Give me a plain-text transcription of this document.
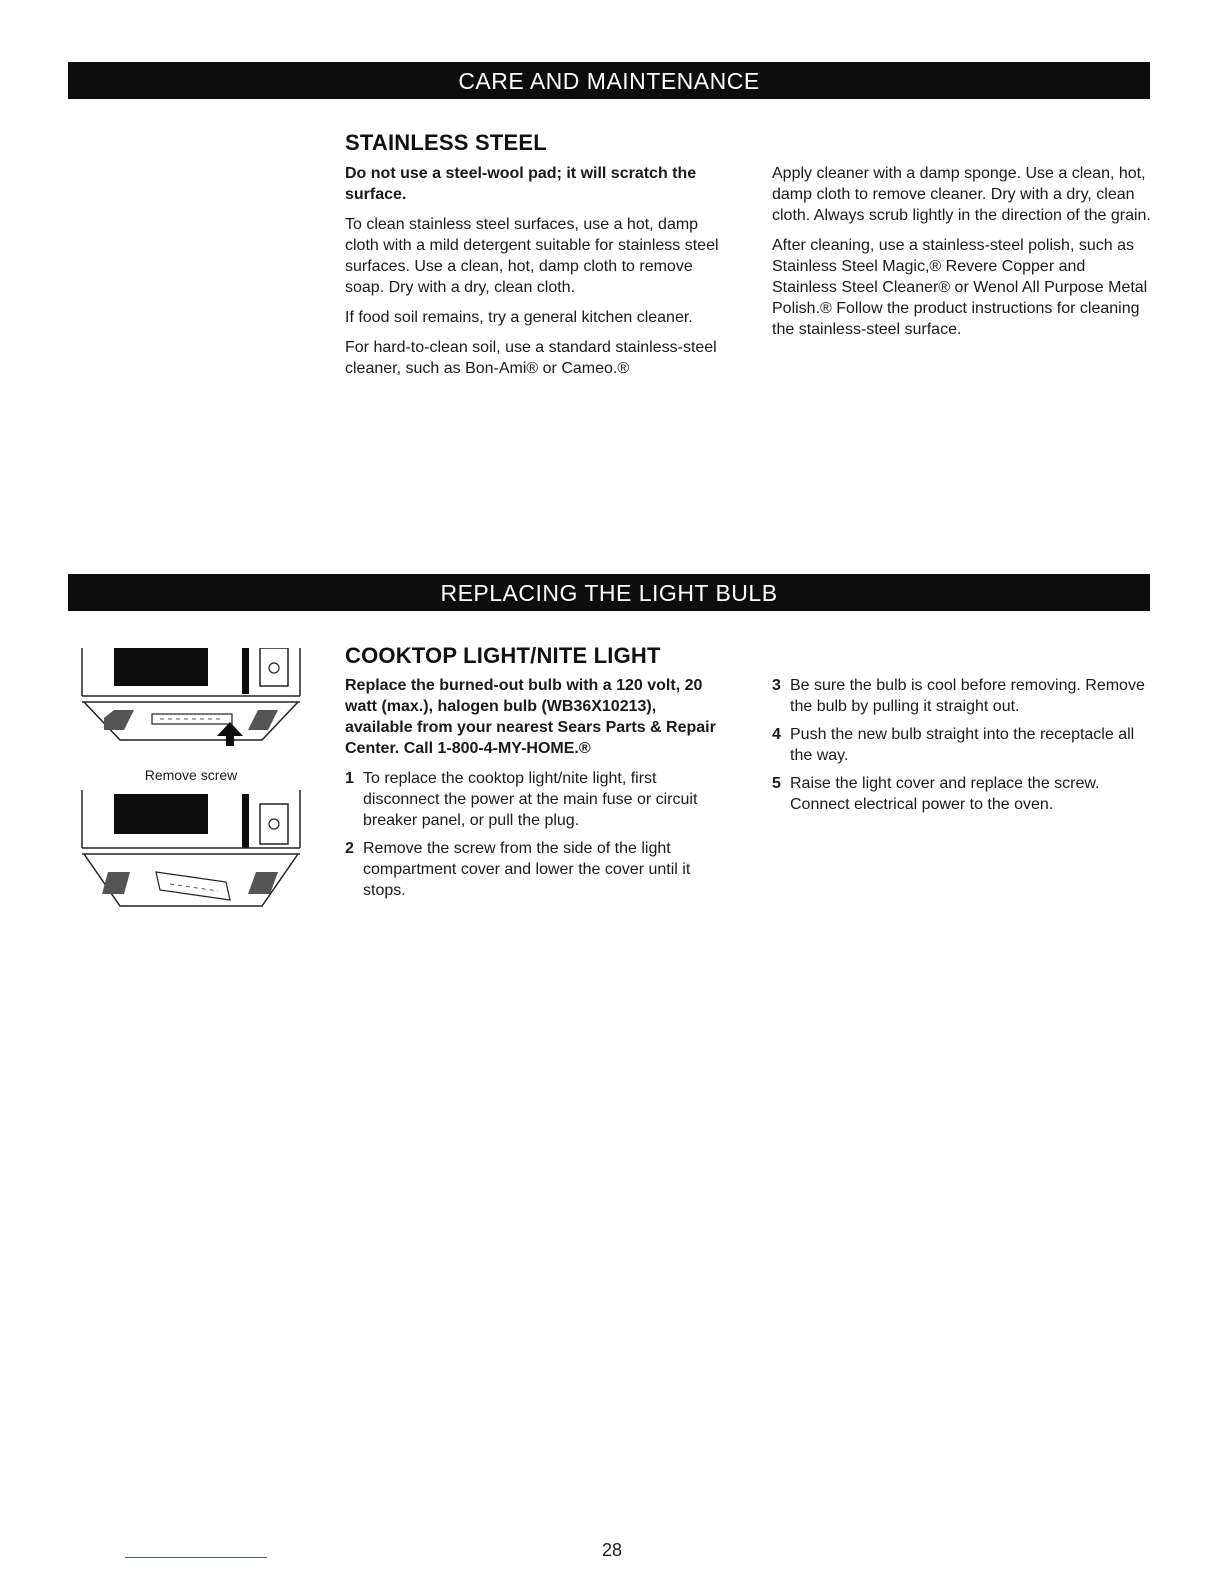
CARE AND MAINTENANCE
REPLACING THE LIGHT BULB
STAINLESS STEEL

Do not use a steel-wool pad; it will scratch the surface.

To clean stainless steel surfaces, use a hot, damp cloth with a mild detergent suitable for stainless steel surfaces. Use a clean, hot, damp cloth to remove soap. Dry with a dry, clean cloth.

If food soil remains, try a general kitchen cleaner.

For hard-to-clean soil, use a standard stainless-steel cleaner, such as Bon-Ami® or Cameo.®

Apply cleaner with a damp sponge. Use a clean, hot, damp cloth to remove cleaner. Dry with a dry, clean cloth. Always scrub lightly in the direction of the grain.

After cleaning, use a stainless-steel polish, such as Stainless Steel Magic,® Revere Copper and Stainless Steel Cleaner® or Wenol All Purpose Metal Polish.® Follow the product instructions for cleaning the stainless-steel surface.

Remove screw
COOKTOP LIGHT/NITE LIGHT

Replace the burned-out bulb with a 120 volt, 20 watt (max.), halogen bulb (WB36X10213), available from your nearest Sears Parts & Repair Center. Call 1-800-4-MY-HOME.®

1 To replace the cooktop light/nite light, first disconnect the power at the main fuse or circuit breaker panel, or pull the plug.
2 Remove the screw from the side of the light compartment cover and lower the cover until it stops.
3 Be sure the bulb is cool before removing. Remove the bulb by pulling it straight out.
4 Push the new bulb straight into the receptacle all the way.
5 Raise the light cover and replace the screw. Connect electrical power to the oven.
28
